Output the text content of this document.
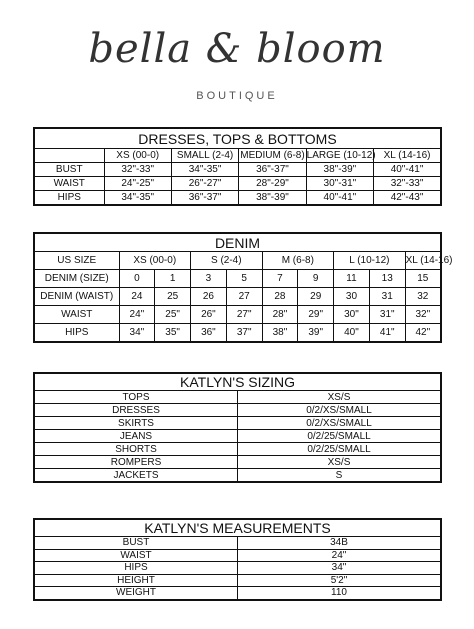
bella & bloom
BOUTIQUE
DRESSES, TOPS & BOTTOMS					
	XS (00-0)	SMALL (2-4)	MEDIUM (6-8)	LARGE (10-12)	XL (14-16)
BUST	32"-33"	34"-35"	36"-37"	38"-39"	40"-41"
WAIST	24"-25"	26"-27"	28"-29"	30"-31"	32"-33"
HIPS	34"-35"	36"-37"	38"-39"	40"-41"	42"-43"
DENIM									
US SIZE	XS (00-0)		S (2-4)		M (6-8)		L (10-12)		XL (14-16)
DENIM (SIZE)	0	1	3	5	7	9	11	13	15
DENIM (WAIST)	24	25	26	27	28	29	30	31	32
WAIST	24"	25"	26"	27"	28"	29"	30"	31"	32"
HIPS	34"	35"	36"	37"	38"	39"	40"	41"	42"
KATLYN'S SIZING	
TOPS	XS/S
DRESSES	0/2/XS/SMALL
SKIRTS	0/2/XS/SMALL
JEANS	0/2/25/SMALL
SHORTS	0/2/25/SMALL
ROMPERS	XS/S
JACKETS	S
KATLYN'S MEASUREMENTS	
BUST	34B
WAIST	24"
HIPS	34"
HEIGHT	5'2"
WEIGHT	110
